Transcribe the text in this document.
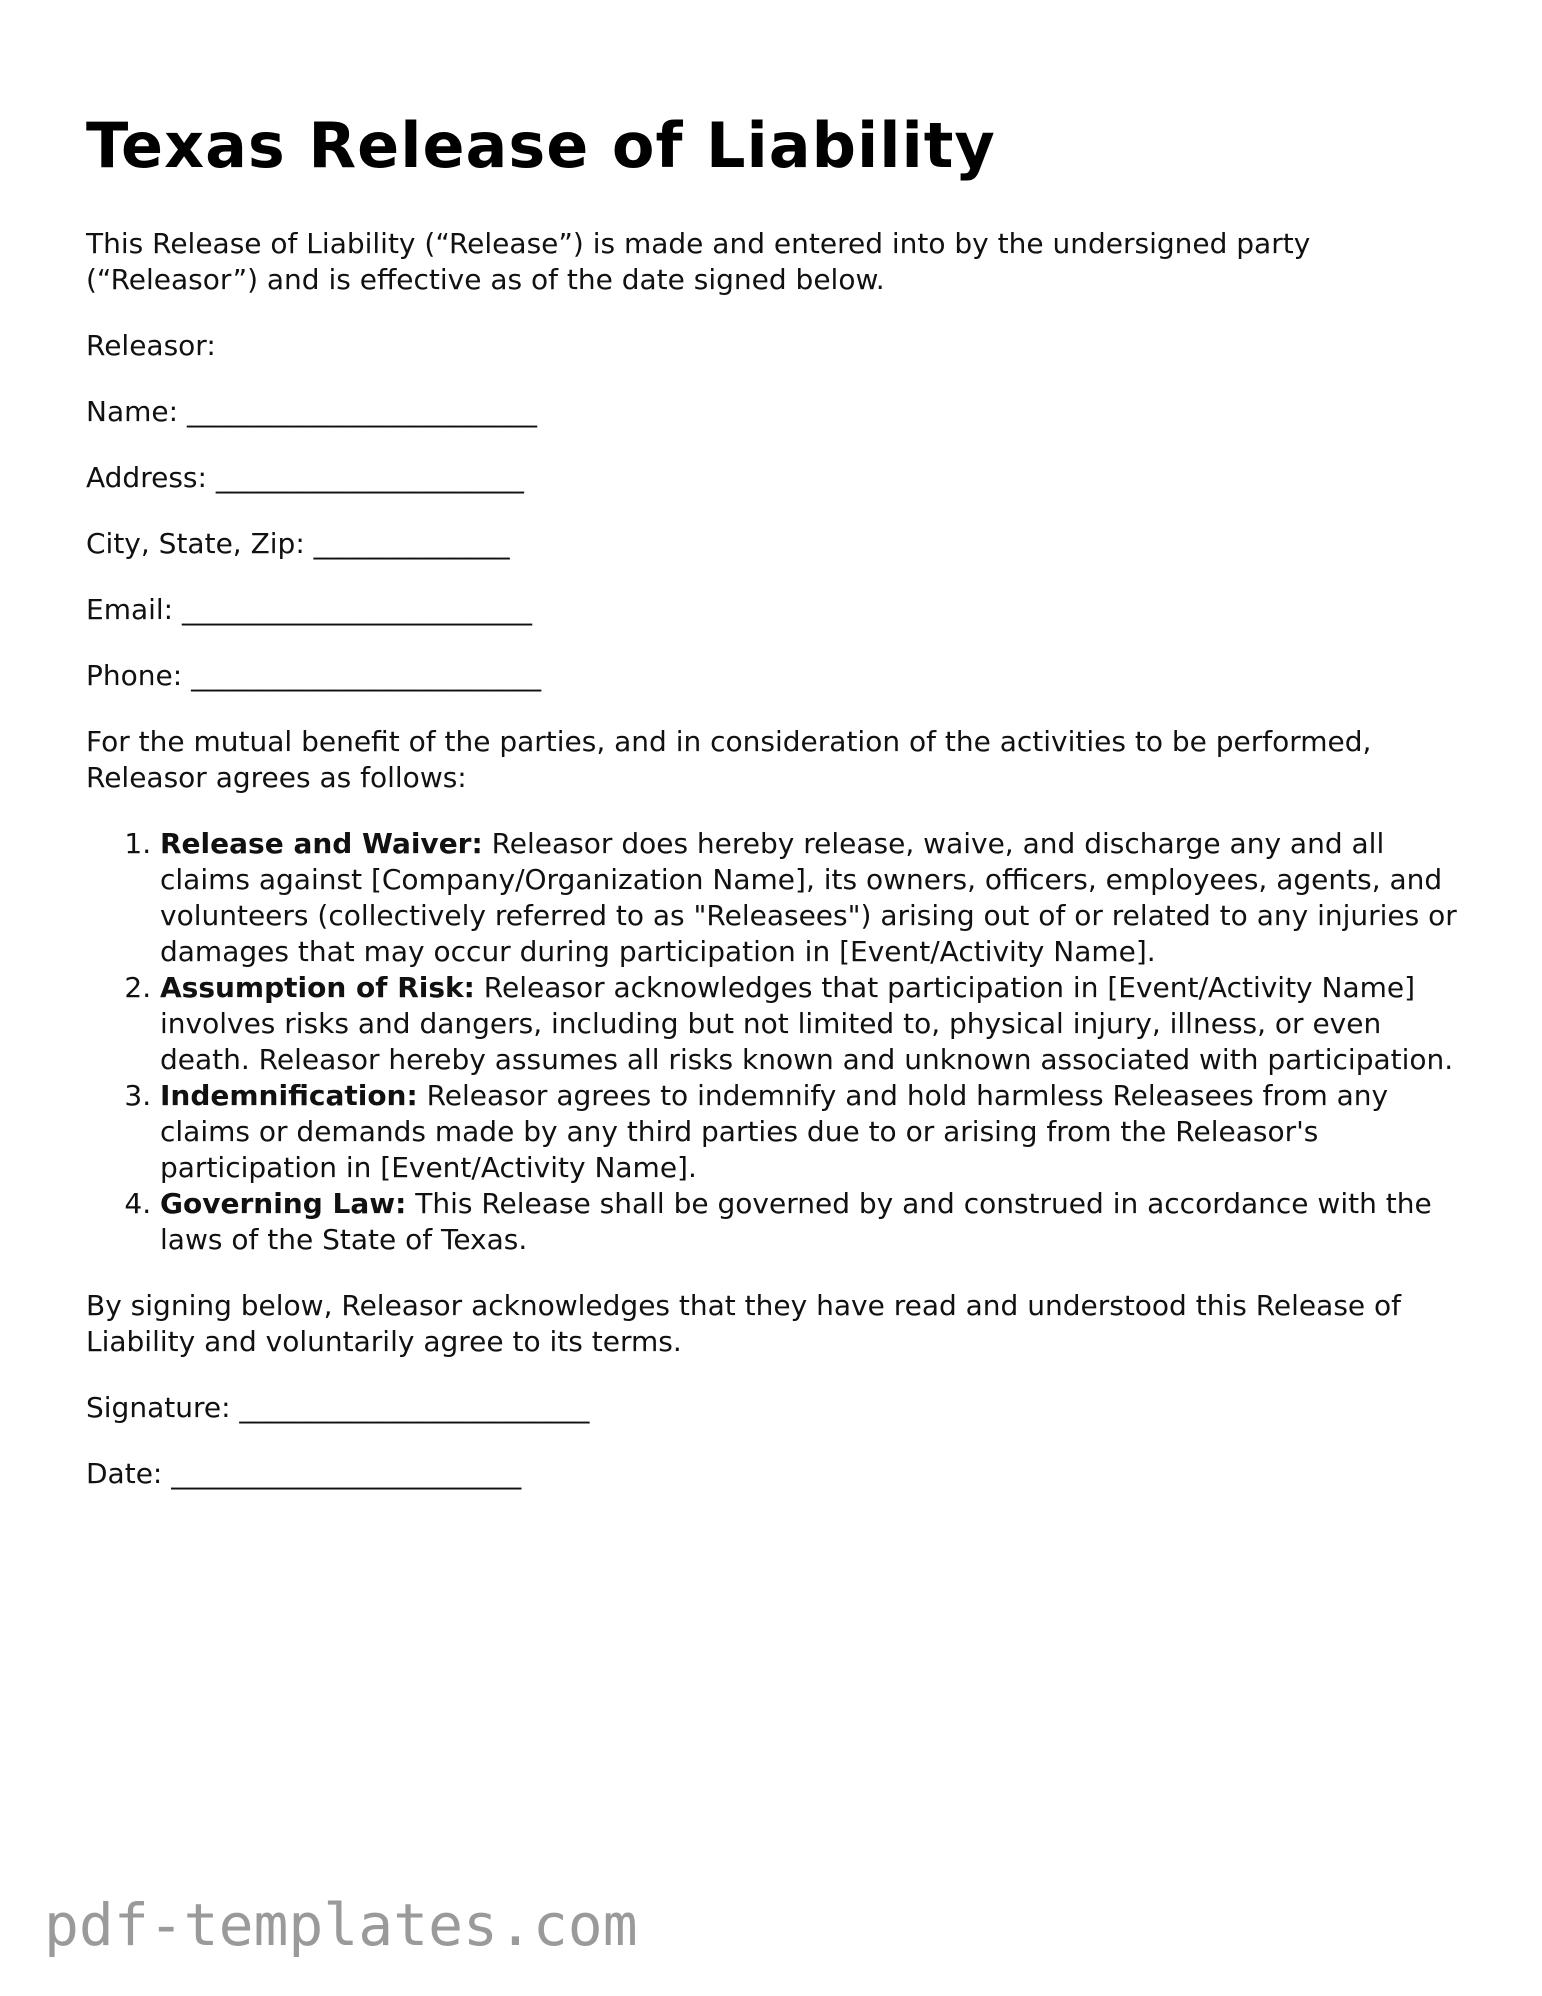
Texas Release of Liability

This Release of Liability (“Release”) is made and entered into by the undersigned party (“Releasor”) and is effective as of the date signed below.

Releasor:

Name: _________________________

Address: ______________________

City, State, Zip: ______________

Email: _________________________

Phone: _________________________

For the mutual benefit of the parties, and in consideration of the activities to be performed, Releasor agrees as follows:

1. Release and Waiver: Releasor does hereby release, waive, and discharge any and all claims against [Company/Organization Name], its owners, officers, employees, agents, and volunteers (collectively referred to as "Releasees") arising out of or related to any injuries or damages that may occur during participation in [Event/Activity Name].
2. Assumption of Risk: Releasor acknowledges that participation in [Event/Activity Name] involves risks and dangers, including but not limited to, physical injury, illness, or even death. Releasor hereby assumes all risks known and unknown associated with participation.
3. Indemnification: Releasor agrees to indemnify and hold harmless Releasees from any claims or demands made by any third parties due to or arising from the Releasor's participation in [Event/Activity Name].
4. Governing Law: This Release shall be governed by and construed in accordance with the laws of the State of Texas.

By signing below, Releasor acknowledges that they have read and understood this Release of Liability and voluntarily agree to its terms.

Signature: _________________________

Date: _________________________

pdf-templates.com
